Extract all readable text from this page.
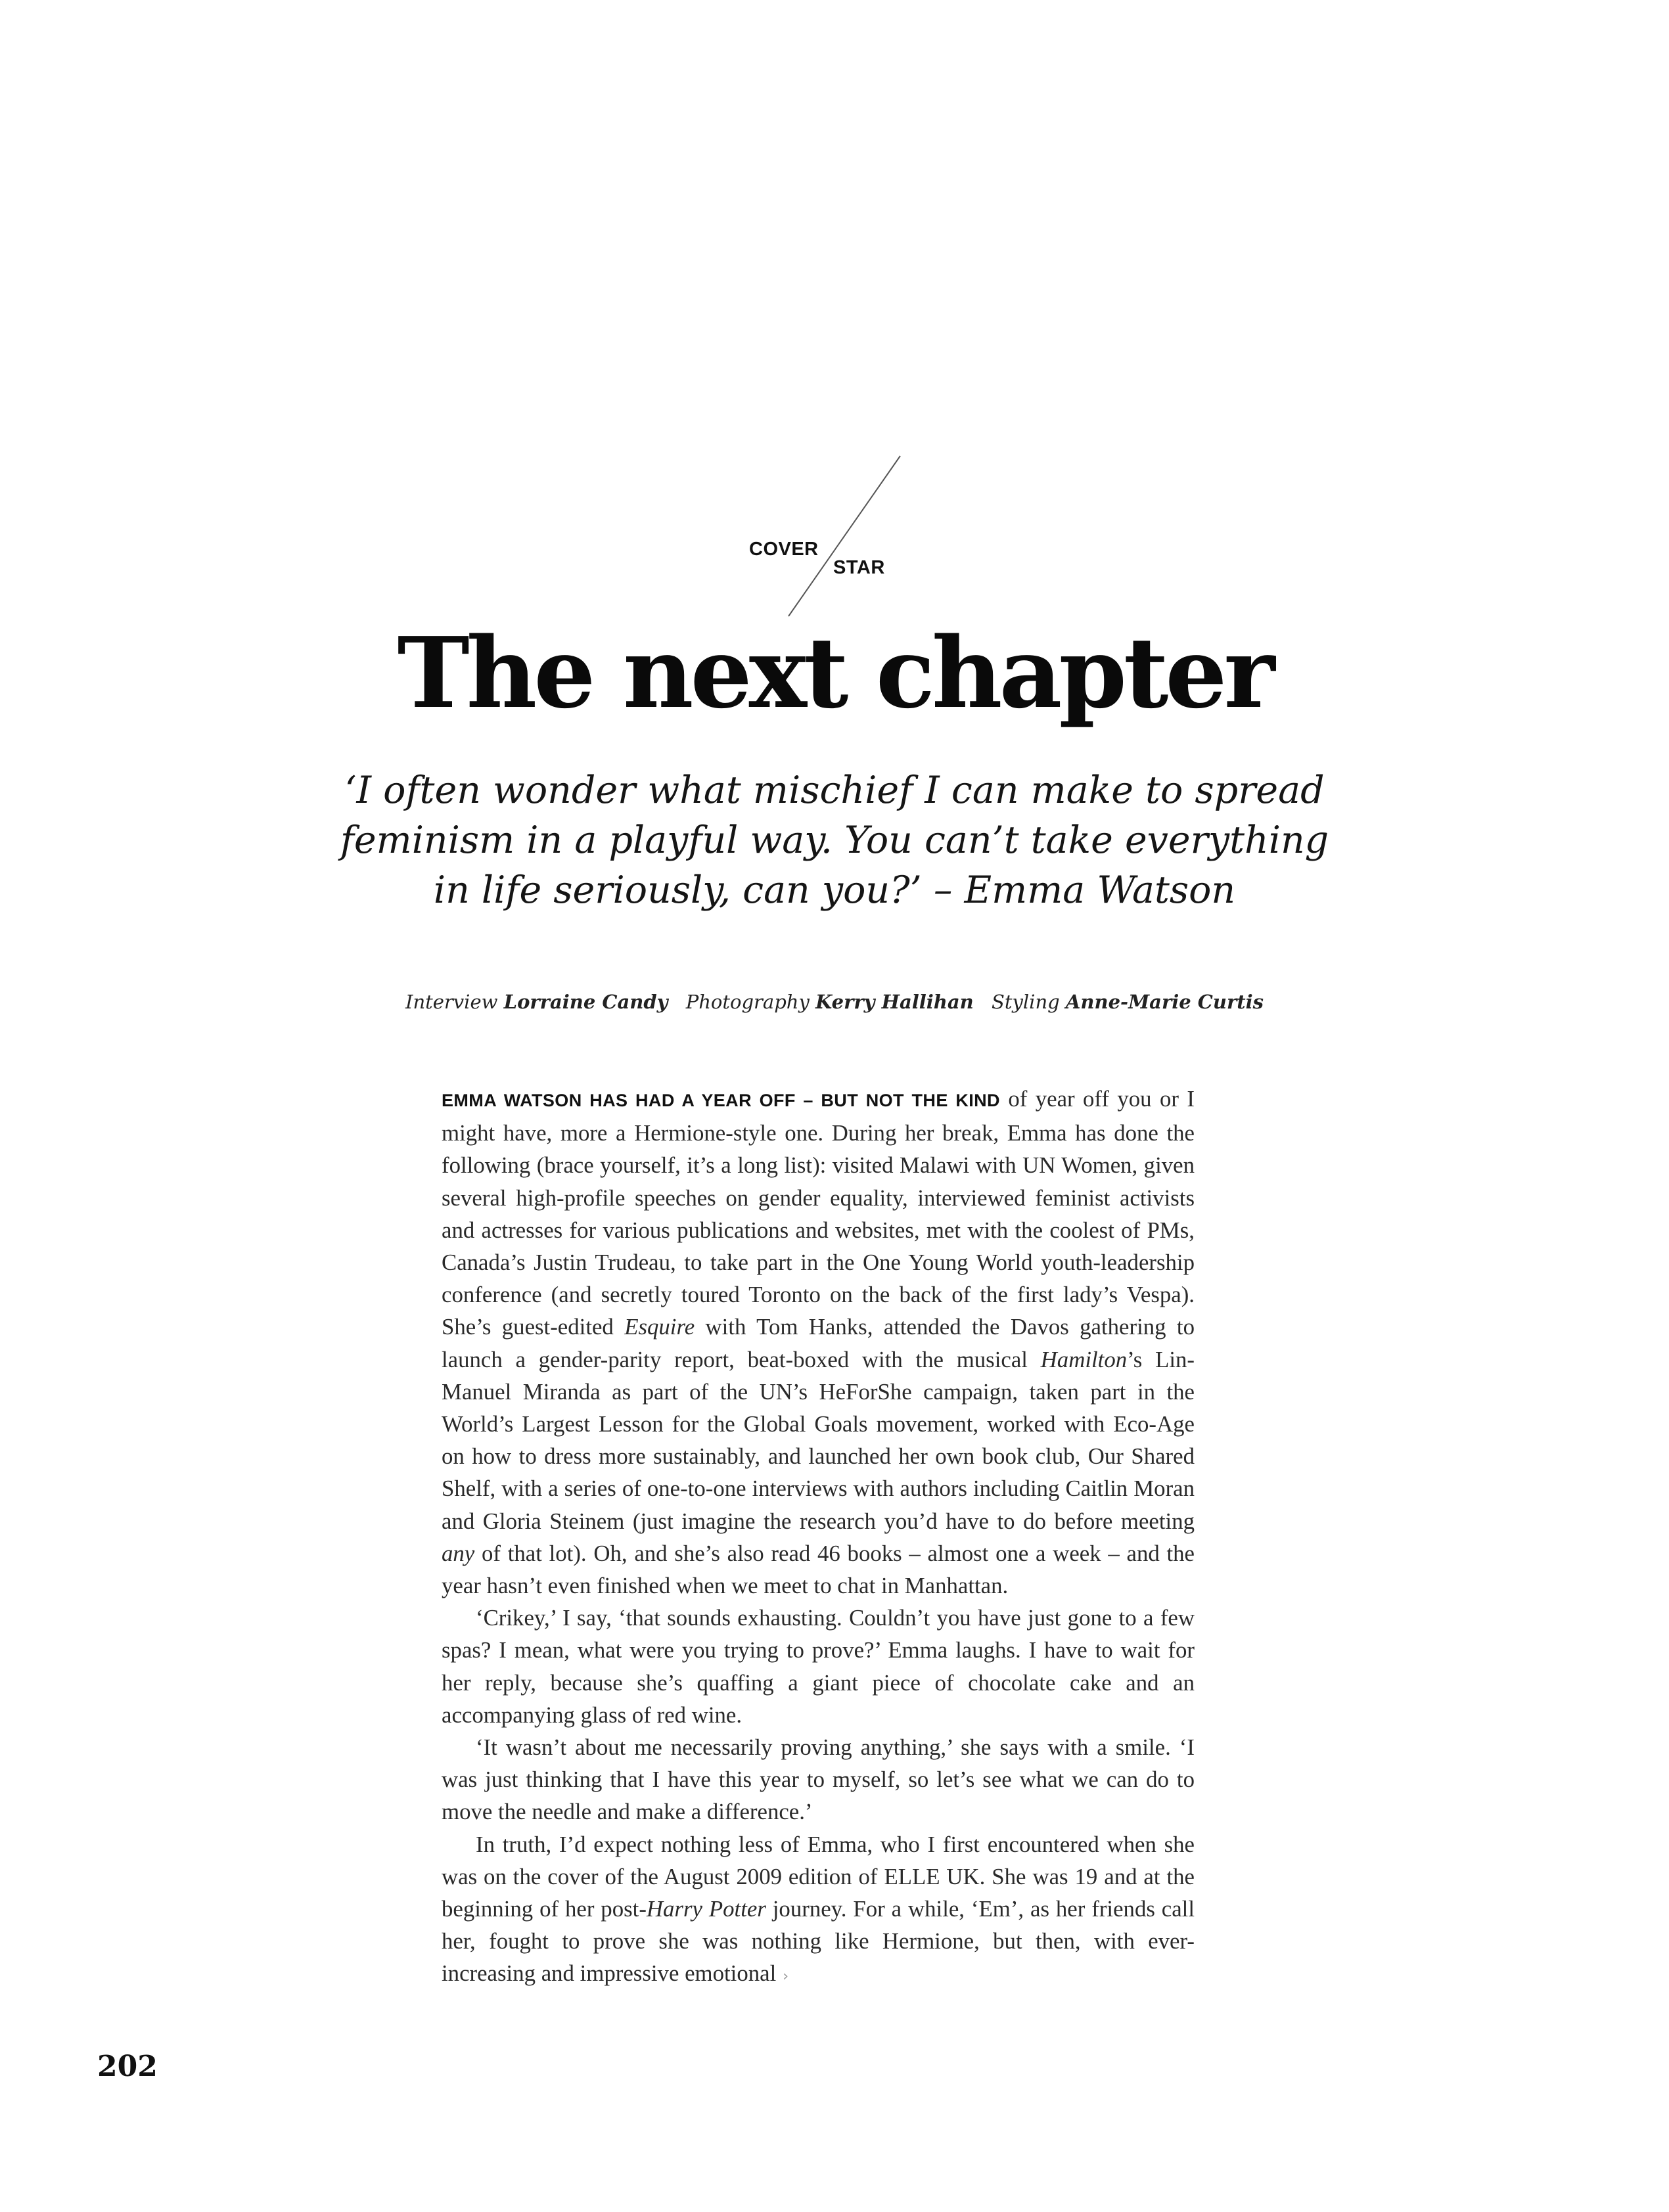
COVER
STAR
The next chapter
‘I often wonder what mischief I can make to spread
feminism in a playful way. You can’t take everything
in life seriously, can you?’ – Emma Watson
Interview Lorraine Candy Photography Kerry Hallihan Styling Anne-Marie Curtis

EMMA WATSON HAS HAD A YEAR OFF – BUT NOT THE KIND of year off you or I might have, more a Hermione-style one. During her break, Emma has done the following (brace yourself, it’s a long list): visited Malawi with UN Women, given several high-profile speeches on gender equality, interviewed feminist activists and actresses for various publications and websites, met with the coolest of PMs, Canada’s Justin Trudeau, to take part in the One Young World youth-leadership conference (and secretly toured Toronto on the back of the first lady’s Vespa). She’s guest-edited Esquire with Tom Hanks, attended the Davos gathering to launch a gender-parity report, beat-boxed with the musical Hamilton’s Lin-Manuel Miranda as part of the UN’s HeForShe campaign, taken part in the World’s Largest Lesson for the Global Goals movement, worked with Eco-Age on how to dress more sustainably, and launched her own book club, Our Shared Shelf, with a series of one-to-one interviews with authors including Caitlin Moran and Gloria Steinem (just imagine the research you’d have to do before meeting any of that lot). Oh, and she’s also read 46 books – almost one a week – and the year hasn’t even finished when we meet to chat in Manhattan.

‘Crikey,’ I say, ‘that sounds exhausting. Couldn’t you have just gone to a few spas? I mean, what were you trying to prove?’ Emma laughs. I have to wait for her reply, because she’s quaffing a giant piece of chocolate cake and an accompanying glass of red wine.

‘It wasn’t about me necessarily proving anything,’ she says with a smile. ‘I was just thinking that I have this year to myself, so let’s see what we can do to move the needle and make a difference.’

In truth, I’d expect nothing less of Emma, who I first encountered when she was on the cover of the August 2009 edition of ELLE UK. She was 19 and at the beginning of her post-Harry Potter journey. For a while, ‘Em’, as her friends call her, fought to prove she was nothing like Hermione, but then, with ever-increasing and impressive emotional ›

202
